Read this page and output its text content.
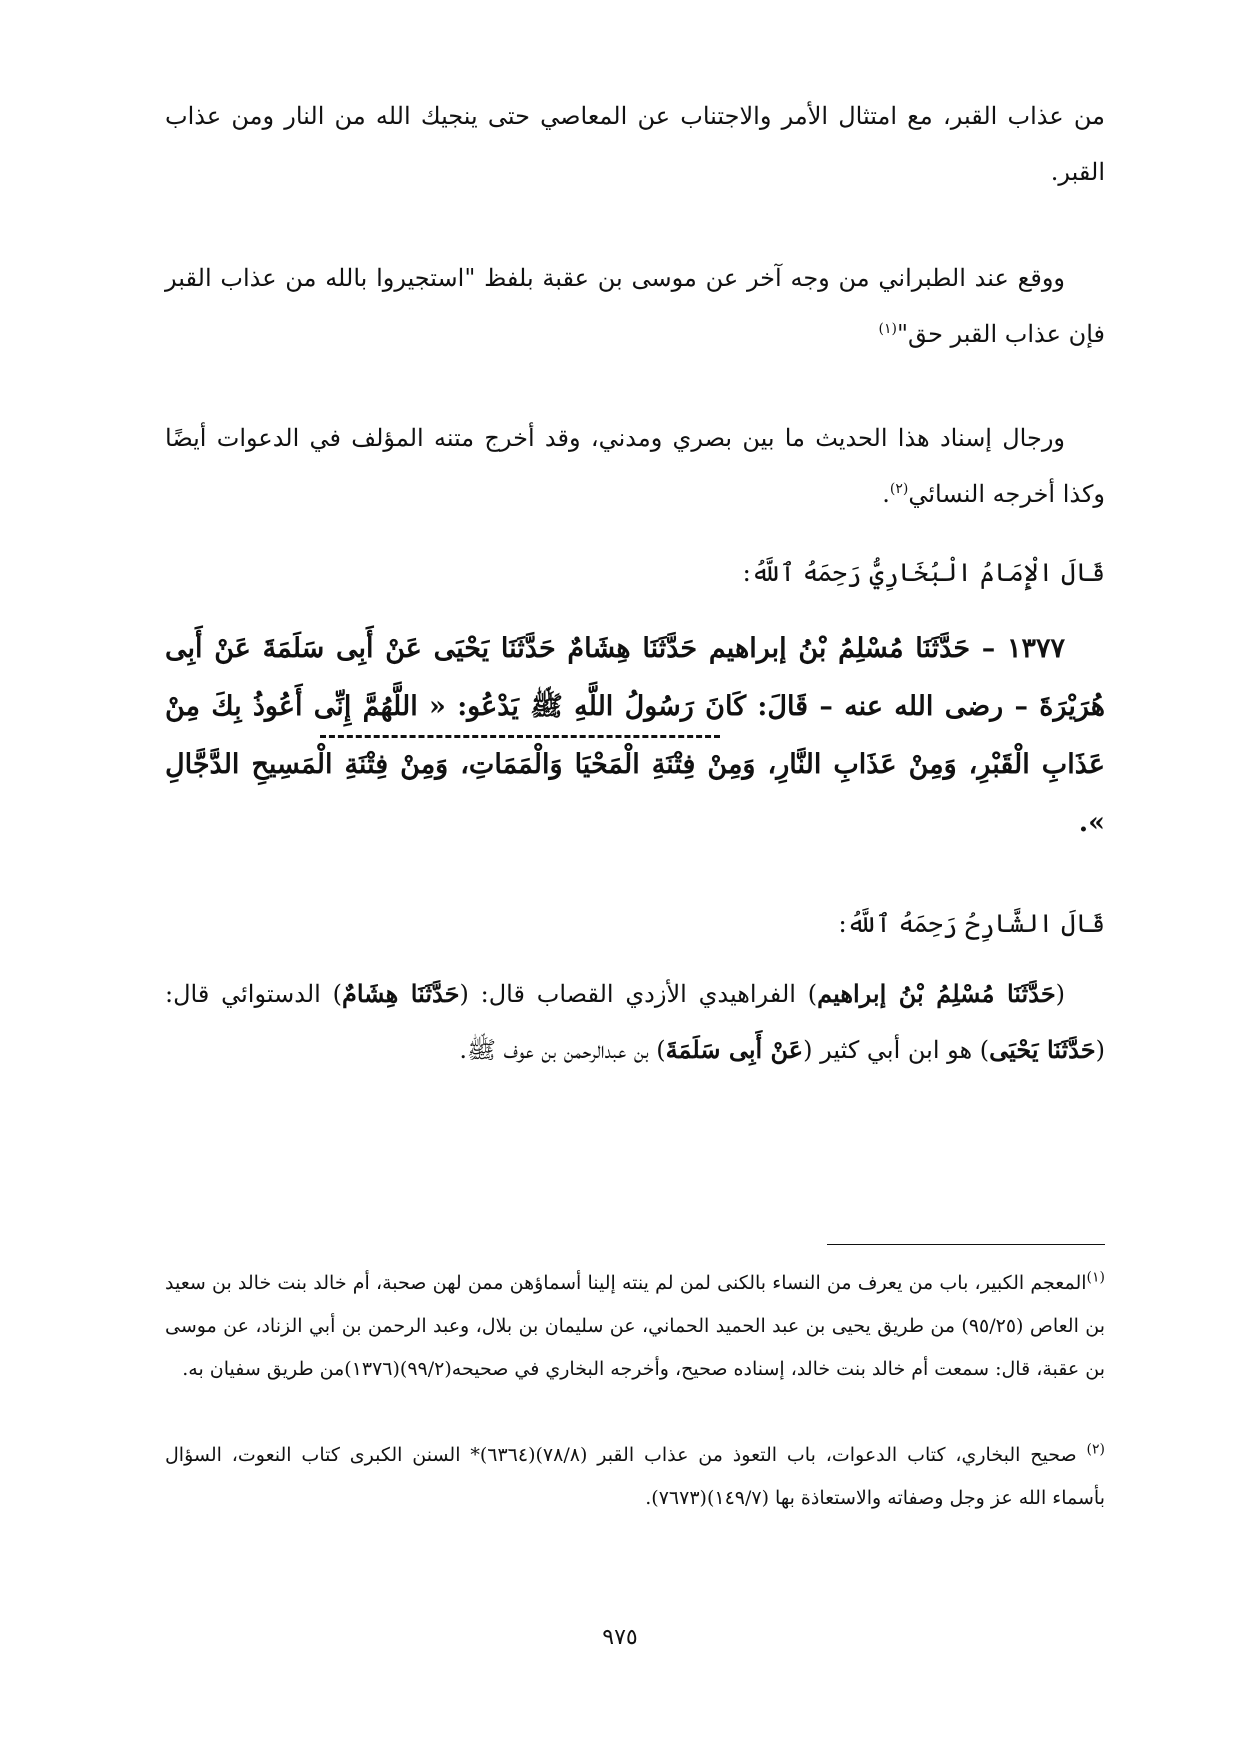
من عذاب القبر، مع امتثال الأمر والاجتناب عن المعاصي حتى ينجيك الله من النار ومن عذاب القبر.

ووقع عند الطبراني من وجه آخر عن موسى بن عقبة بلفظ "استجيروا بالله من عذاب القبر فإن عذاب القبر حق"$^{(١)}$

ورجال إسناد هذا الحديث ما بين بصري ومدني، وقد أخرج متنه المؤلف في الدعوات أيضًا وكذا أخرجه النسائي$^{(٢)}$.

قَالَ الْإِمَامُ الْبُخَارِيُّ رَحِمَهُ ٱللَّهُ:

١٣٧٧ – حَدَّثَنَا مُسْلِمُ بْنُ إبراهيم حَدَّثَنَا هِشَامٌ حَدَّثَنَا يَحْيَى عَنْ أَبِى سَلَمَةَ عَنْ أَبِى هُرَيْرَةَ – رضى الله عنه – قَالَ: كَانَ رَسُولُ اللَّهِ ﷺ يَدْعُو: « اللَّهُمَّ إِنِّى أَعُوذُ بِكَ مِنْ عَذَابِ الْقَبْرِ، وَمِنْ عَذَابِ النَّارِ، وَمِنْ فِتْنَةِ الْمَحْيَا وَالْمَمَاتِ، وَمِنْ فِتْنَةِ الْمَسِيحِ الدَّجَّالِ ».

قَالَ الشَّارِحُ رَحِمَهُ ٱللَّهُ:

(حَدَّثَنَا مُسْلِمُ بْنُ إبراهيم) الفراهيدي الأزدي القصاب قال: (حَدَّثَنَا هِشَامٌ) الدستوائي قال: (حَدَّثَنَا يَحْيَى) هو ابن أبي كثير (عَنْ أَبِى سَلَمَةَ) بن عبدالرحمن بن عوف ﷺ.

$^{(١)}$المعجم الكبير، باب من يعرف من النساء بالكنى لمن لم ينته إلينا أسماؤهن ممن لهن صحبة، أم خالد بنت خالد بن سعيد بن العاص (٩٥/٢٥) من طريق يحيى بن عبد الحميد الحماني، عن سليمان بن بلال، وعبد الرحمن بن أبي الزناد، عن موسى بن عقبة، قال: سمعت أم خالد بنت خالد، إسناده صحيح، وأخرجه البخاري في صحيحه(٩٩/٢)(١٣٧٦)من طريق سفيان به.

$^{(٢)}$ صحيح البخاري، كتاب الدعوات، باب التعوذ من عذاب القبر (٧٨/٨)(٦٣٦٤)* السنن الكبرى كتاب النعوت، السؤال بأسماء الله عز وجل وصفاته والاستعاذة بها (١٤٩/٧)(٧٦٧٣).

٩٧٥
